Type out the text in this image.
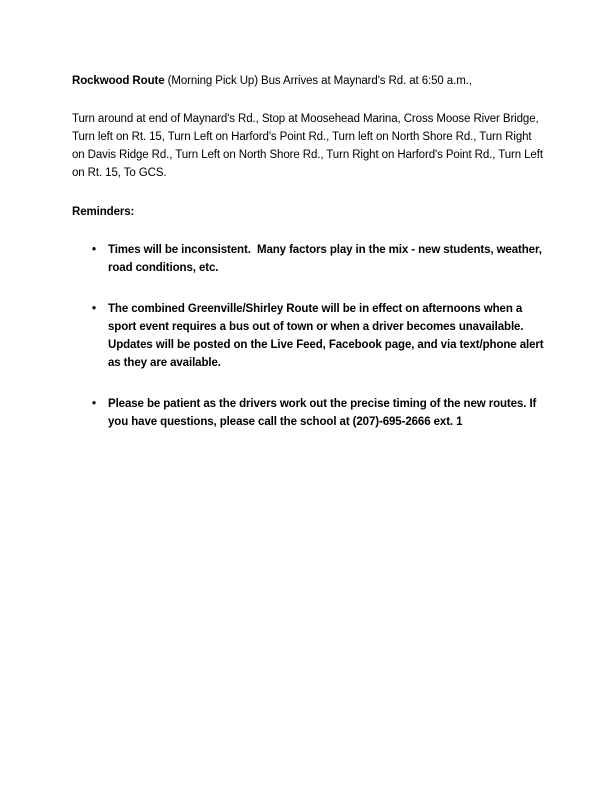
Rockwood Route (Morning Pick Up) Bus Arrives at Maynard's Rd. at 6:50 a.m.,

Turn around at end of Maynard's Rd., Stop at Moosehead Marina, Cross Moose River Bridge, Turn left on Rt. 15, Turn Left on Harford's Point Rd., Turn left on North Shore Rd., Turn Right on Davis Ridge Rd., Turn Left on North Shore Rd., Turn Right on Harford's Point Rd., Turn Left on Rt. 15, To GCS.

Reminders:

•	Times will be inconsistent.  Many factors play in the mix - new students, weather, road conditions, etc.
•	The combined Greenville/Shirley Route will be in effect on afternoons when a sport event requires a bus out of town or when a driver becomes unavailable. Updates will be posted on the Live Feed, Facebook page, and via text/phone alert as they are available.
•	Please be patient as the drivers work out the precise timing of the new routes. If you have questions, please call the school at (207)-695-2666 ext. 1
